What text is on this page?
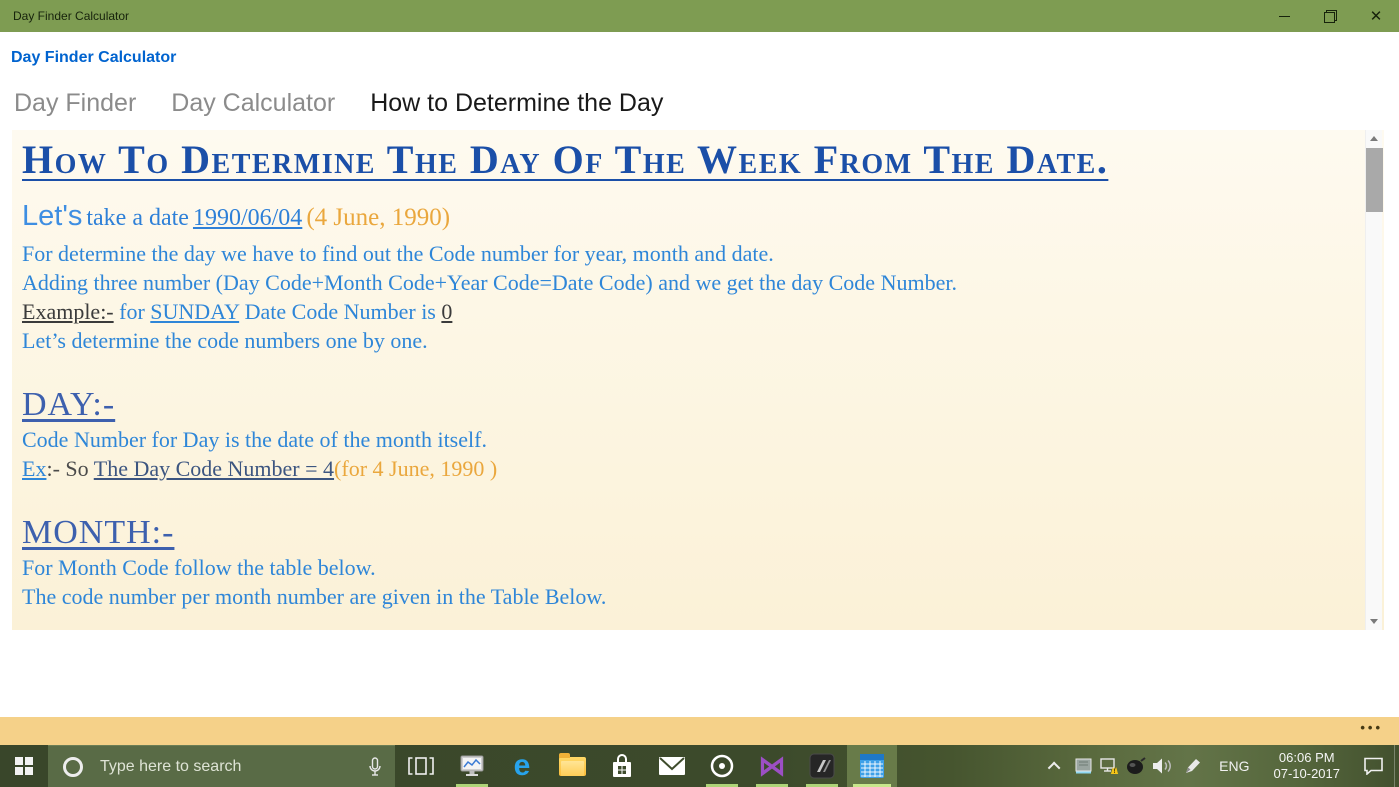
Day Finder Calculator	✕
Day Finder Calculator
Day Finder Day Calculator How to Determine the Day
How To Determine The Day Of The Week From The Date.
Let's take a date 1990/06/04 (4 June, 1990)
For determine the day we have to find out the Code number for year, month and date.
Adding three number (Day Code+Month Code+Year Code=Date Code) and we get the day Code Number.
Example:- for SUNDAY Date Code Number is 0
Let’s determine the code numbers one by one.
DAY:-
Code Number for Day is the date of the month itself.
Ex:- So The Day Code Number = 4(for 4 June, 1990 )
MONTH:-
For Month Code follow the table below.
The code number per month number are given in the Table Below.
•••
Type here to search	e	⋈	!	ENG
06:06 PM
07-10-2017
